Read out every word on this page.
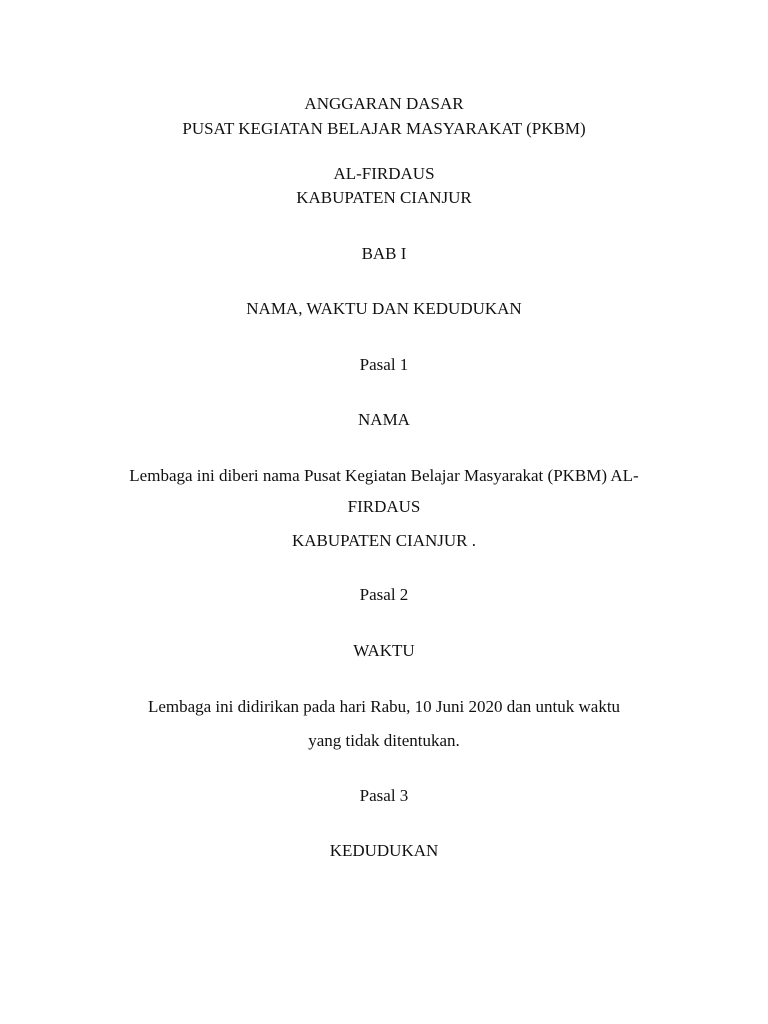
ANGGARAN DASAR
PUSAT KEGIATAN BELAJAR MASYARAKAT (PKBM)
AL-FIRDAUS
KABUPATEN CIANJUR
BAB I
NAMA, WAKTU DAN KEDUDUKAN
Pasal 1
NAMA
Lembaga ini diberi nama Pusat Kegiatan Belajar Masyarakat (PKBM) AL-
FIRDAUS
KABUPATEN CIANJUR .
Pasal 2
WAKTU
Lembaga ini didirikan pada hari Rabu, 10 Juni 2020 dan untuk waktu
yang tidak ditentukan.
Pasal 3
KEDUDUKAN
